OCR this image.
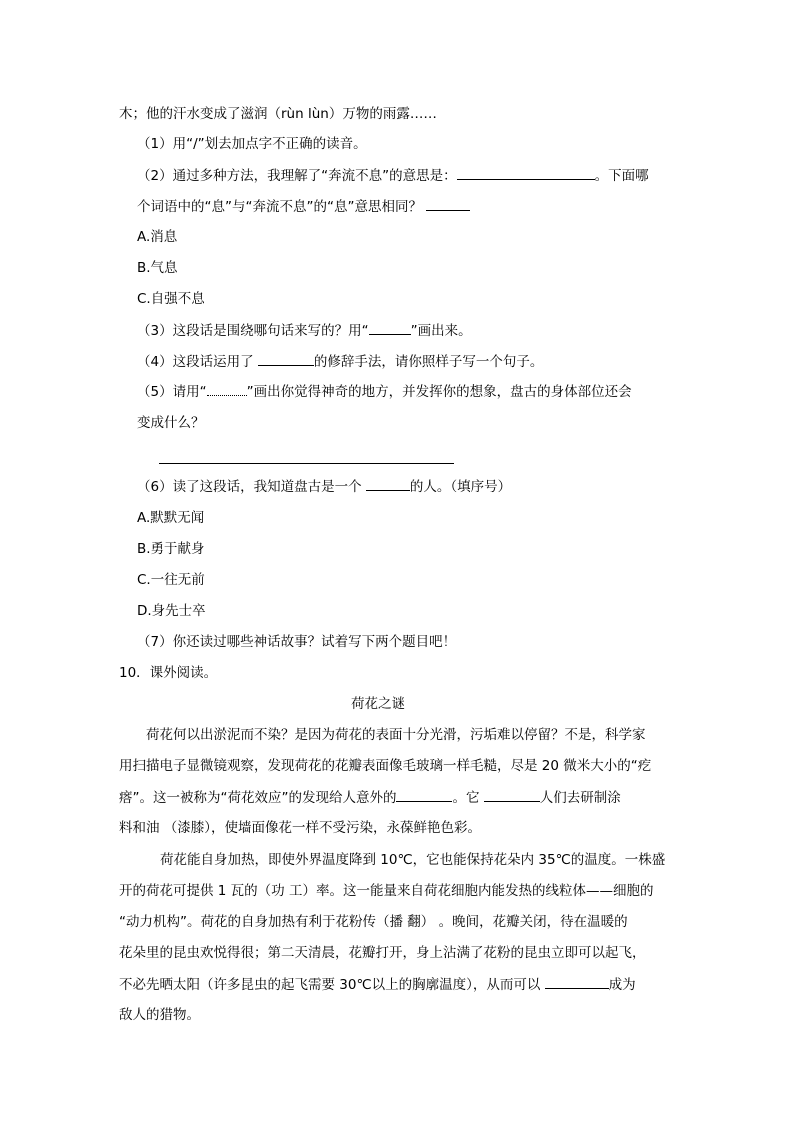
木；他的汗水变成了滋润（rùn lùn）万物的雨露……
（1）用“/”划去加点字不正确的读音。
（2）通过多种方法，我理解了“奔流不息”的意思是：	。下面哪
个词语中的“息”与“奔流不息”的“息”意思相同？
A.消息
B.气息
C.自强不息
（3）这段话是围绕哪句话来写的？用“	”画出来。
（4）这段话运用了	的修辞手法，请你照样子写一个句子。
（5）请用“	”画出你觉得神奇的地方，并发挥你的想象，盘古的身体部位还会
变成什么？
（6）读了这段话，我知道盘古是一个	的人。（填序号）
A.默默无闻
B.勇于献身
C.一往无前
D.身先士卒
（7）你还读过哪些神话故事？试着写下两个题目吧！
10．课外阅读。
荷花之谜
荷花何以出淤泥而不染？是因为荷花的表面十分光滑，污垢难以停留？不是，科学家
用扫描电子显微镜观察，发现荷花的花瓣表面像毛玻璃一样毛糙，尽是 20 微米大小的“疙
瘩”。这一被称为“荷花效应”的发现给人意外的	。它	人们去研制涂
料和油 （漆膝），使墙面像花一样不受污染，永葆鲜艳色彩。
荷花能自身加热，即使外界温度降到 10℃，它也能保持花朵内 35℃的温度。一株盛
开的荷花可提供 1 瓦的（功 工）率。这一能量来自荷花细胞内能发热的线粒体——细胞的
“动力机构”。荷花的自身加热有利于花粉传（播 翻） 。晚间，花瓣关闭，待在温暖的
花朵里的昆虫欢悦得很；第二天清晨，花瓣打开，身上沾满了花粉的昆虫立即可以起飞，
不必先晒太阳（许多昆虫的起飞需要 30℃以上的胸廓温度），从而可以	成为
敌人的猎物。
